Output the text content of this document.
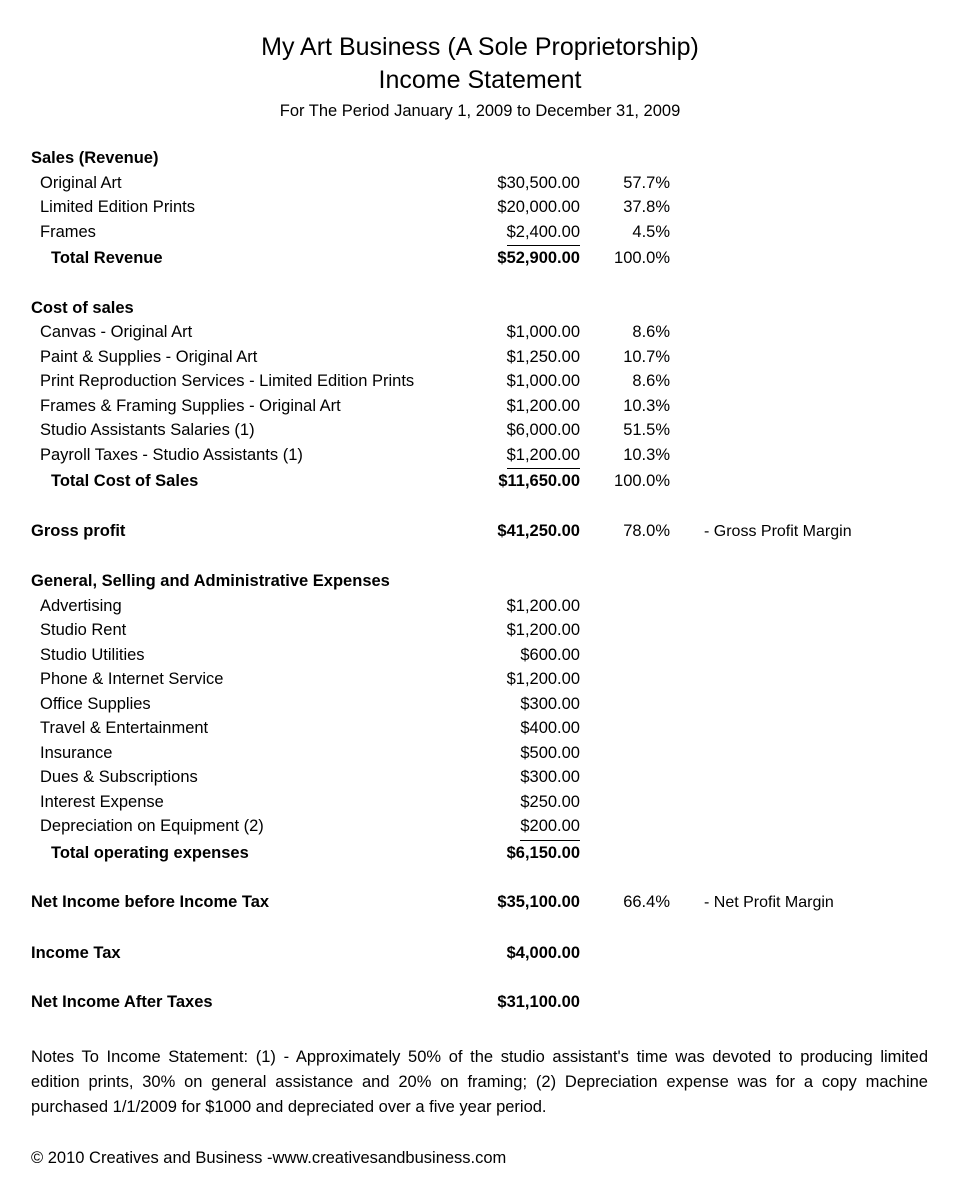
My Art Business (A Sole Proprietorship)
Income Statement
For The Period January 1, 2009 to December 31, 2009
Sales (Revenue)			
Original Art	$30,500.00	57.7%	
Limited Edition Prints	$20,000.00	37.8%	
Frames	$2,400.00	4.5%	
Total Revenue	$52,900.00	100.0%	

Cost of sales			
Canvas - Original Art	$1,000.00	8.6%	
Paint & Supplies - Original Art	$1,250.00	10.7%	
Print Reproduction Services - Limited Edition Prints	$1,000.00	8.6%	
Frames & Framing Supplies - Original Art	$1,200.00	10.3%	
Studio Assistants Salaries (1)	$6,000.00	51.5%	
Payroll Taxes - Studio Assistants (1)	$1,200.00	10.3%	
Total Cost of Sales	$11,650.00	100.0%	

Gross profit	$41,250.00	78.0%	- Gross Profit Margin

General, Selling and Administrative Expenses			
Advertising	$1,200.00		
Studio Rent	$1,200.00		
Studio Utilities	$600.00		
Phone & Internet Service	$1,200.00		
Office Supplies	$300.00		
Travel & Entertainment	$400.00		
Insurance	$500.00		
Dues & Subscriptions	$300.00		
Interest Expense	$250.00		
Depreciation on Equipment (2)	$200.00		
Total operating expenses	$6,150.00		

Net Income before Income Tax	$35,100.00	66.4%	- Net Profit Margin

Income Tax	$4,000.00		

Net Income After Taxes	$31,100.00		

Notes To Income Statement: (1) - Approximately 50% of the studio assistant's time was devoted to producing limited edition prints, 30% on general assistance and 20% on framing; (2) Depreciation expense was for a copy machine purchased 1/1/2009 for $1000 and depreciated over a five year period.

© 2010 Creatives and Business -www.creativesandbusiness.com
